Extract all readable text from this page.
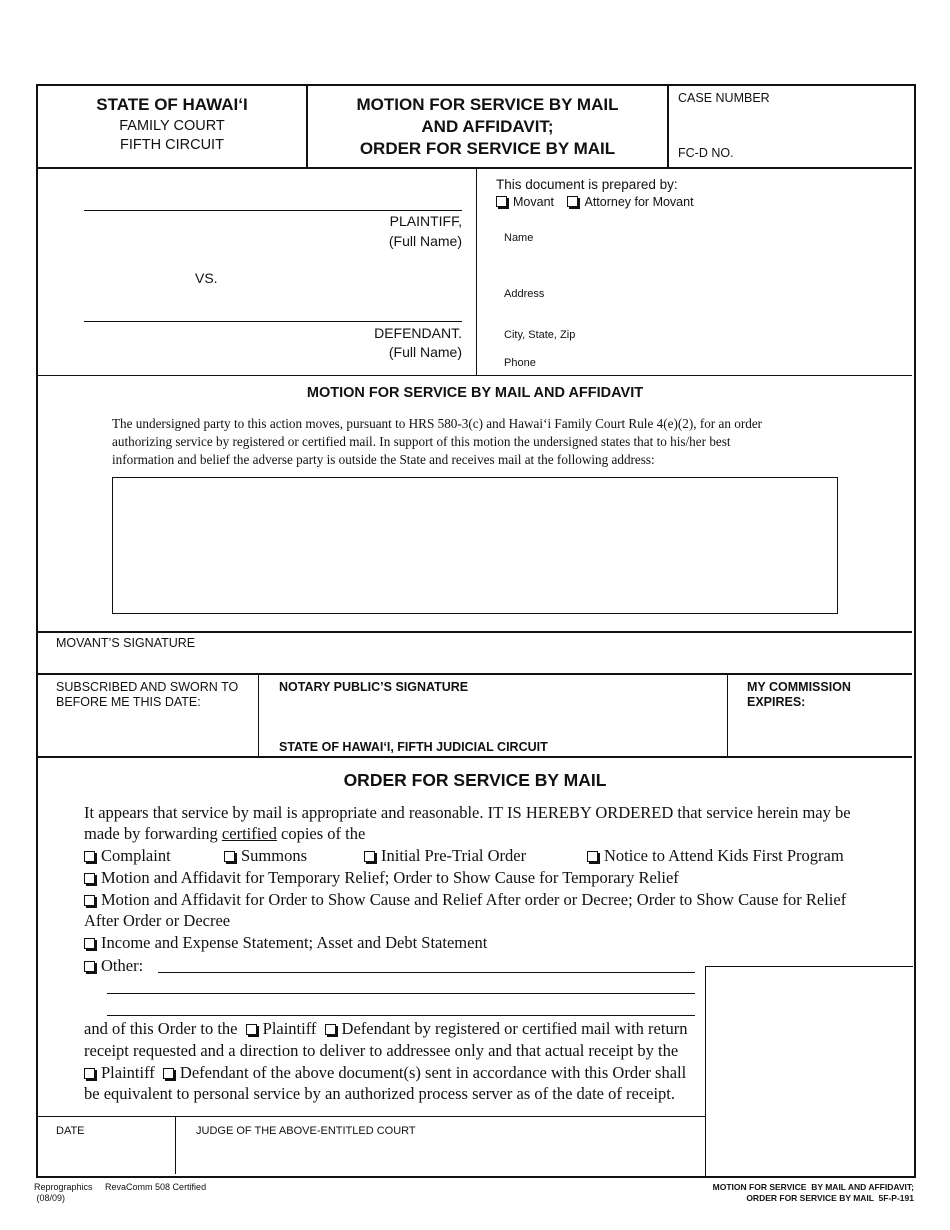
STATE OF HAWAI‘I
FAMILY COURT
FIFTH CIRCUIT
MOTION FOR SERVICE BY MAIL
AND AFFIDAVIT;
ORDER FOR SERVICE BY MAIL
CASE NUMBER
FC-D NO.
PLAINTIFF,
(Full Name)
VS.
DEFENDANT.
(Full Name)
This document is prepared by:
Movant Attorney for Movant
Name
Address
City, State, Zip
Phone
MOTION FOR SERVICE BY MAIL AND AFFIDAVIT
The undersigned party to this action moves, pursuant to HRS 580-3(c) and Hawai‘i Family Court Rule 4(e)(2), for an order
authorizing service by registered or certified mail. In support of this motion the undersigned states that to his/her best
information and belief the adverse party is outside the State and receives mail at the following address:
MOVANT’S SIGNATURE
SUBSCRIBED AND SWORN TO
BEFORE ME THIS DATE:
NOTARY PUBLIC’S SIGNATURE
STATE OF HAWAI‘I, FIFTH JUDICIAL CIRCUIT
MY COMMISSION
EXPIRES:
ORDER FOR SERVICE BY MAIL
It appears that service by mail is appropriate and reasonable. IT IS HEREBY ORDERED that service herein may be
made by forwarding certified copies of the
Complaint	Summons	Initial Pre-Trial Order	Notice to Attend Kids First Program
Motion and Affidavit for Temporary Relief; Order to Show Cause for Temporary Relief
Motion and Affidavit for Order to Show Cause and Relief After order or Decree; Order to Show Cause for Relief
After Order or Decree
Income and Expense Statement; Asset and Debt Statement
Other:
and of this Order to the Plaintiff Defendant by registered or certified mail with return
receipt requested and a direction to deliver to addressee only and that actual receipt by the
Plaintiff Defendant of the above document(s) sent in accordance with this Order shall
be equivalent to personal service by an authorized process server as of the date of receipt.
DATE	JUDGE OF THE ABOVE-ENTITLED COURT
Reprographics     RevaComm 508 Certified
(08/09)
MOTION FOR SERVICE  BY MAIL AND AFFIDAVIT;
ORDER FOR SERVICE BY MAIL  5F-P-191
